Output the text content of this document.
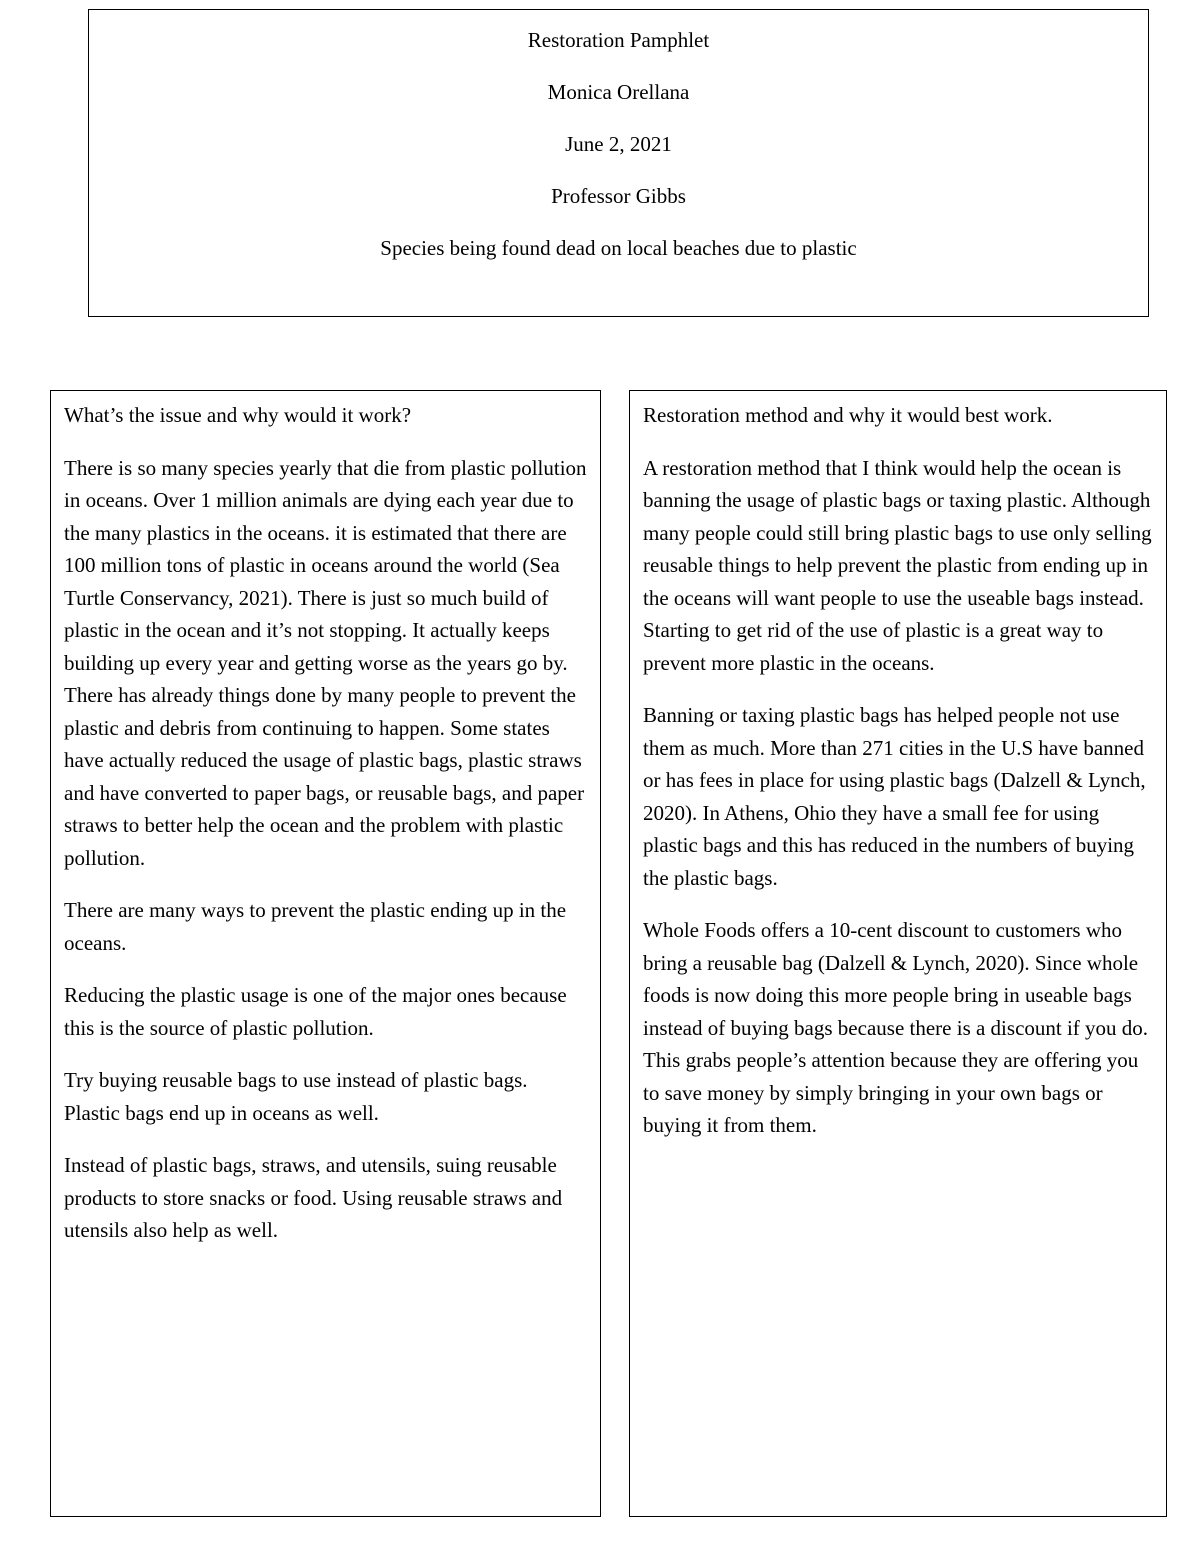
Restoration Pamphlet
Monica Orellana
June 2, 2021
Professor Gibbs
Species being found dead on local beaches due to plastic

What’s the issue and why would it work?

There is so many species yearly that die from plastic pollution in oceans. Over 1 million animals are dying each year due to the many plastics in the oceans. it is estimated that there are 100 million tons of plastic in oceans around the world (Sea Turtle Conservancy, 2021). There is just so much build of plastic in the ocean and it’s not stopping. It actually keeps building up every year and getting worse as the years go by. There has already things done by many people to prevent the plastic and debris from continuing to happen. Some states have actually reduced the usage of plastic bags, plastic straws and have converted to paper bags, or reusable bags, and paper straws to better help the ocean and the problem with plastic pollution.

There are many ways to prevent the plastic ending up in the oceans.

Reducing the plastic usage is one of the major ones because this is the source of plastic pollution.

Try buying reusable bags to use instead of plastic bags. Plastic bags end up in oceans as well.

Instead of plastic bags, straws, and utensils, suing reusable products to store snacks or food. Using reusable straws and utensils also help as well.

Restoration method and why it would best work.

A restoration method that I think would help the ocean is banning the usage of plastic bags or taxing plastic. Although many people could still bring plastic bags to use only selling reusable things to help prevent the plastic from ending up in the oceans will want people to use the useable bags instead. Starting to get rid of the use of plastic is a great way to prevent more plastic in the oceans.

Banning or taxing plastic bags has helped people not use them as much. More than 271 cities in the U.S have banned or has fees in place for using plastic bags (Dalzell & Lynch, 2020). In Athens, Ohio they have a small fee for using plastic bags and this has reduced in the numbers of buying the plastic bags.

Whole Foods offers a 10-cent discount to customers who bring a reusable bag (Dalzell & Lynch, 2020). Since whole foods is now doing this more people bring in useable bags instead of buying bags because there is a discount if you do. This grabs people’s attention because they are offering you to save money by simply bringing in your own bags or buying it from them.
